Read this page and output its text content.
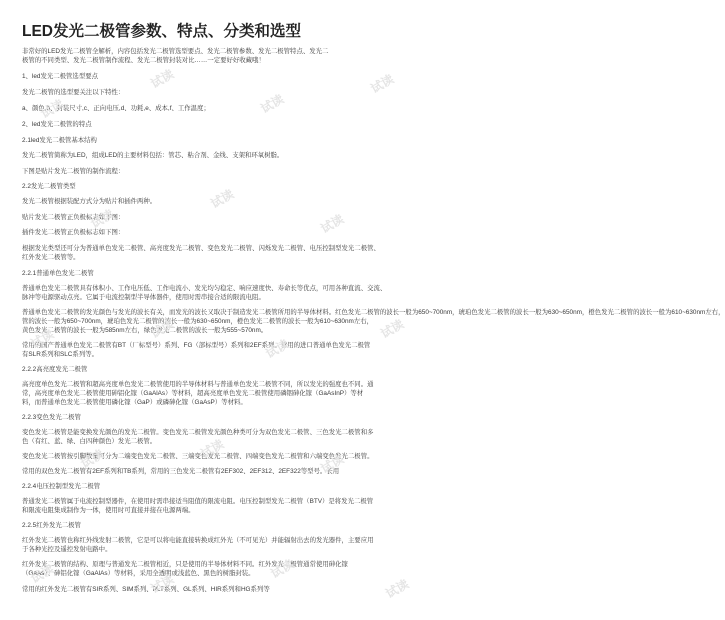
LED发光二极管参数、特点、分类和选型

非常好的LED发光二极管全解析，内容包括发光二极管选型要点、发光二极管参数、发光二极管特点、发光二

极管的不同类型、发光二极管制作流程、发光二极管封装对比……一定要好好收藏哦！

1、led发光二极管选型要点

发光二极管的选型要关注以下特性：

a、颜色,b、封装尺寸,c、正向电压,d、功耗,e、成本,f、工作温度；

2、led发光二极管的特点

2.1led发光二极管基本结构

发光二极管简称为LED，组成LED的主要材料包括：管芯、粘合剂、金线、支架和环氧树脂。

下图是贴片发光二极管的制作流程：

2.2发光二极管类型

发光二极管根据装配方式分为贴片和插件两种。

贴片发光二极管正负极标志如下图：

插件发光二极管正负极标志如下图：

根据发光类型还可分为普通单色发光二极管、高亮度发光二极管、变色发光二极管、闪烁发光二极管、电压控制型发光二极管、

红外发光二极管等。

2.2.1普通单色发光二极管

普通单色发光二极管具有体积小、工作电压低、工作电流小、发光均匀稳定、响应速度快、寿命长等优点，可用各种直流、交流、

脉冲等电源驱动点亮。它属于电流控制型半导体器件，使用时需串接合适的限流电阻。

普通单色发光二极管的发光颜色与发光的波长有关，而发光的波长又取决于制造发光二极管所用的半导体材料。红色发光二极管的波长一般为650~700nm，琥珀色发光二极管的波长一般为630~650nm，橙色发光二极管的波长一般为610~630nm左右，

管的波长一般为650~700nm，琥珀色发光二极管的波长一般为630~650nm，橙色发光二极管的波长一般为610~630nm左右，

黄色发光二极管的波长一般为585nm左右，绿色发光二极管的波长一般为555~570nm。

常用的国产普通单色发光二极管有BT（厂标型号）系列、FG（部标型号）系列和2EF系列。常用的进口普通单色发光二极管

有SLR系列和SLC系列等。

2.2.2高亮度发光二极管

高亮度单色发光二极管和超高亮度单色发光二极管使用的半导体材料与普通单色发光二极管不同，所以发光的强度也不同。通

常，高亮度单色发光二极管使用砷铝化镓（GaAlAs）等材料，超高亮度单色发光二极管使用磷铟砷化镓（GaAsInP）等材

料，而普通单色发光二极管使用磷化镓（GaP）或磷砷化镓（GaAsP）等材料。

2.2.3变色发光二极管

变色发光二极管是能变换发光颜色的发光二极管。变色发光二极管发光颜色种类可分为双色发光二极管、三色发光二极管和多

色（有红、蓝、绿、白四种颜色）发光二极管。

变色发光二极管按引脚数量可分为二端变色发光二极管、三端变色发光二极管、四端变色发光二极管和六端变色发光二极管。

常用的双色发光二极管有2EF系列和TB系列，常用的三色发光二极管有2EF302、2EF312、2EF322等型号。长用

2.2.4电压控制型发光二极管

普通发光二极管属于电流控制型器件，在使用时需串接适当阻值的限流电阻。电压控制型发光二极管（BTV）是将发光二极管

和限流电阻集成制作为一体，使用时可直接并接在电源两端。

2.2.5红外发光二极管

红外发光二极管也称红外线发射二极管，它是可以将电能直接转换成红外光（不可见光）并能辐射出去的发光器件，主要应用

于各种光控及遥控发射电路中。

红外发光二极管的结构、原理与普通发光二极管相近，只是使用的半导体材料不同。红外发光二极管通常使用砷化镓

（GaAs）、砷铝化镓（GaAlAs）等材料，采用全透明或浅蓝色、黑色的树脂封装。

常用的红外发光二极管有SIR系列、SIM系列、PLT系列、GL系列、HIR系列和HG系列等

试读
试读
试读
试读
试读
试读
试读
试读	试读
试读
试读
试读	试读
试读
试读	试读
试读
试读
